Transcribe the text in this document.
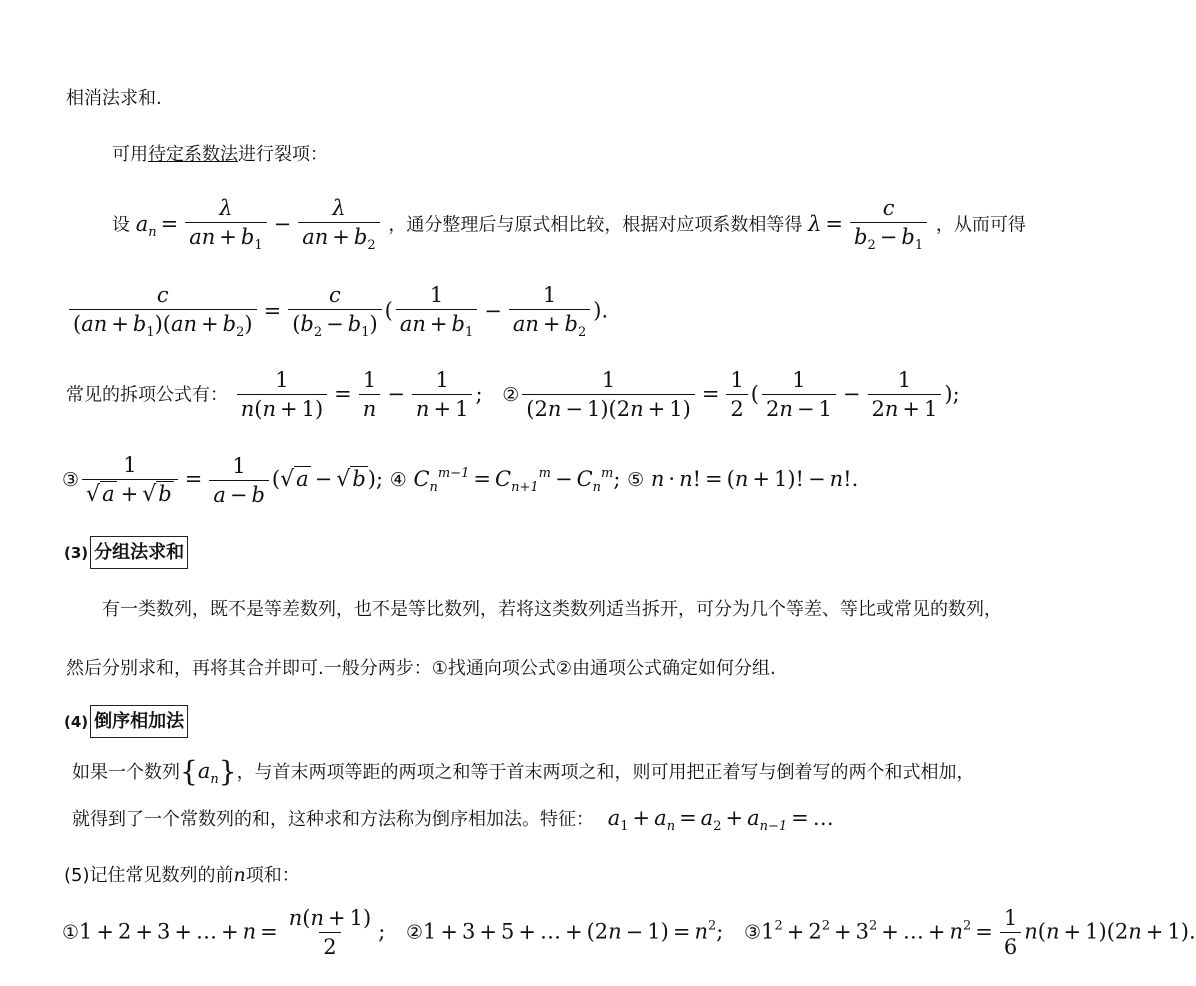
相消法求和.
可用待定系数法进行裂项：
设 $a_n = \frac{\lambda}{an + b_1} - \frac{\lambda}{an + b_2}$ ，通分整理后与原式相比较，根据对应项系数相等得 $\lambda = \frac{c}{b_2 - b_1}$ ，从而可得
$\frac{c}{(an + b_1)(an + b_2)} = \frac{c}{(b_2 - b_1)}$ ( $\frac{1}{an + b_1} - \frac{1}{an + b_2}$ ).
常见的拆项公式有： $\frac{1}{n(n + 1)} = \frac{1}{n} - \frac{1}{n + 1}$ ; ② $\frac{1}{(2n - 1)(2n + 1)} = \frac{1}{2}$ ( $\frac{1}{2n - 1} - \frac{1}{2n + 1}$ );
③ $\frac{1}{√a + √b} = \frac{1}{a - b} (√a - √b)$; ④ $C_n^{m-1} = C_{n+1}^m - C_n^m$; ⑤ n · n! = (n + 1)! − n!.
(3) 分组法求和
有一类数列，既不是等差数列，也不是等比数列，若将这类数列适当拆开，可分为几个等差、等比或常见的数列，
然后分别求和，再将其合并即可.一般分两步：①找通向项公式②由通项公式确定如何分组.
(4) 倒序相加法
如果一个数列$\{a_n\}$，与首末两项等距的两项之和等于首末两项之和，则可用把正着写与倒着写的两个和式相加，
就得到了一个常数列的和，这种求和方法称为倒序相加法。特征： $a_1 + a_n = a_2 + a_{n-1}$ = …
(5)记住常见数列的前n项和：
①1 + 2 + 3 + … + $n = \frac{n(n + 1)}{2}$ ; ②1 + 3 + 5 + … + $(2n - 1) = n^2$; $③1^2 + 2^2 + 3^2$ + … + $n^2 = \frac{1}{6} n(n + 1)(2n + 1)$.
